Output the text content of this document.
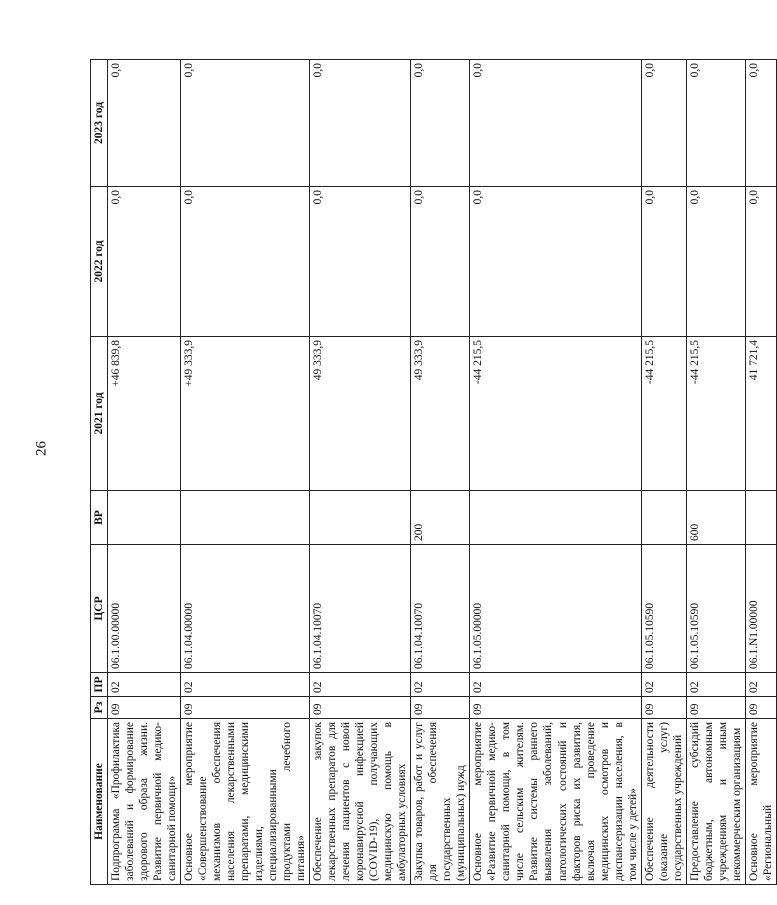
26
Наименование	Рз	ПР	ЦСР	ВР	2021 год	2022 год	2023 год
Подпрограмма «Профилактика заболеваний и формирование здорового образа жизни. Развитие первичной медико-санитарной помощи»	09	02	06.1.00.00000		+46 839,8	0,0	0,0
Основное мероприятие «Совершенствование механизмов обеспечения населения лекарственными препаратами, медицинскими изделиями, специализированными продуктами лечебного питания»	09	02	06.1.04.00000		+49 333,9	0,0	0,0
Обеспечение закупок лекарственных препаратов для лечения пациентов с новой коронавирусной инфекцией (COVID-19), получающих медицинскую помощь в амбулаторных условиях	09	02	06.1.04.10070		49 333,9	0,0	0,0
Закупка товаров, работ и услуг для обеспечения государственных (муниципальных) нужд	09	02	06.1.04.10070	200	49 333,9	0,0	0,0
Основное мероприятие «Развитие первичной медико-санитарной помощи, в том числе сельским жителям. Развитие системы раннего выявления заболеваний, патологических состояний и факторов риска их развития, включая проведение медицинских осмотров и диспансеризации населения, в том числе у детей»	09	02	06.1.05.00000		-44 215,5	0,0	0,0
Обеспечение деятельности (оказание услуг) государственных учреждений	09	02	06.1.05.10590		-44 215,5	0,0	0,0
Предоставление субсидий бюджетным, автономным учреждениям и иным некоммерческим организациям	09	02	06.1.05.10590	600	-44 215,5	0,0	0,0
Основное мероприятие «Региональный	09	02	06.1.N1.00000		41 721,4	0,0	0,0
